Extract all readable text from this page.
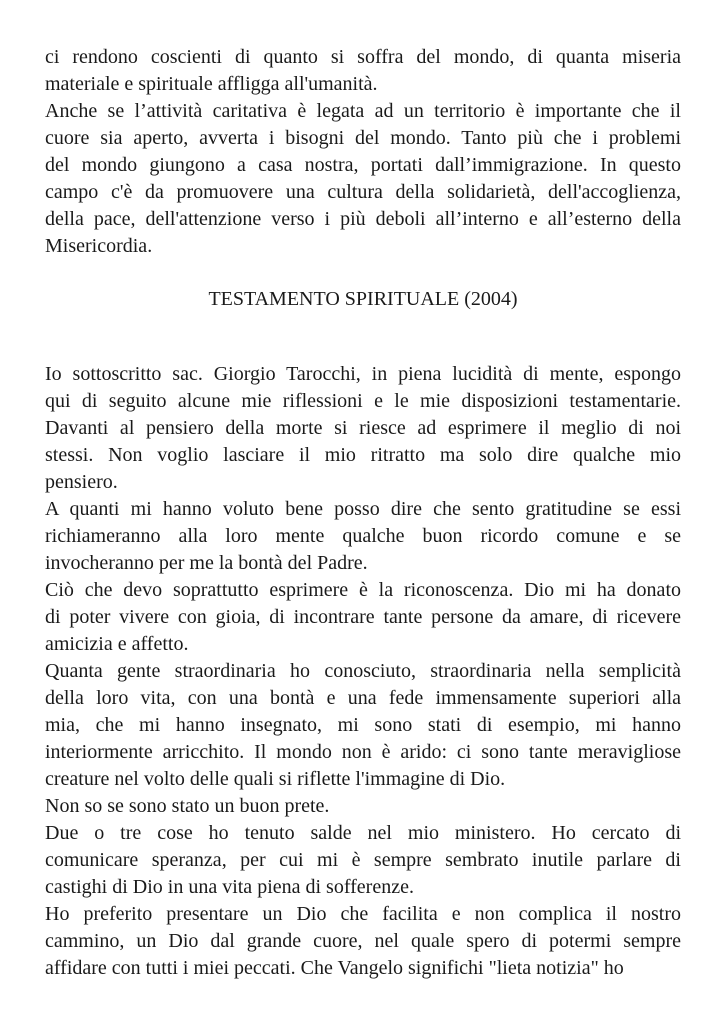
ci rendono coscienti di quanto si soffra del mondo, di quanta miseria
materiale e spirituale affligga all'umanità.
Anche se l’attività caritativa è legata ad un territorio è importante che il
cuore sia aperto, avverta i bisogni del mondo. Tanto più che i problemi
del mondo giungono a casa nostra, portati dall’immigrazione. In questo
campo c'è da promuovere una cultura della solidarietà, dell'accoglienza,
della pace, dell'attenzione verso i più deboli all’interno e all’esterno della
Misericordia.
TESTAMENTO SPIRITUALE (2004)
Io sottoscritto sac. Giorgio Tarocchi, in piena lucidità di mente, espongo
qui di seguito alcune mie riflessioni e le mie disposizioni testamentarie.
Davanti al pensiero della morte si riesce ad esprimere il meglio di noi
stessi. Non voglio lasciare il mio ritratto ma solo dire qualche mio
pensiero.
A quanti mi hanno voluto bene posso dire che sento gratitudine se essi
richiameranno alla loro mente qualche buon ricordo comune e se
invocheranno per me la bontà del Padre.
Ciò che devo soprattutto esprimere è la riconoscenza. Dio mi ha donato
di poter vivere con gioia, di incontrare tante persone da amare, di ricevere
amicizia e affetto.
Quanta gente straordinaria ho conosciuto, straordinaria nella semplicità
della loro vita, con una bontà e una fede immensamente superiori alla
mia, che mi hanno insegnato, mi sono stati di esempio, mi hanno
interiormente arricchito. Il mondo non è arido: ci sono tante meravigliose
creature nel volto delle quali si riflette l'immagine di Dio.
Non so se sono stato un buon prete.
Due o tre cose ho tenuto salde nel mio ministero. Ho cercato di
comunicare speranza, per cui mi è sempre sembrato inutile parlare di
castighi di Dio in una vita piena di sofferenze.
Ho preferito presentare un Dio che facilita e non complica il nostro
cammino, un Dio dal grande cuore, nel quale spero di potermi sempre
affidare con tutti i miei peccati. Che Vangelo significhi "lieta notizia" ho
